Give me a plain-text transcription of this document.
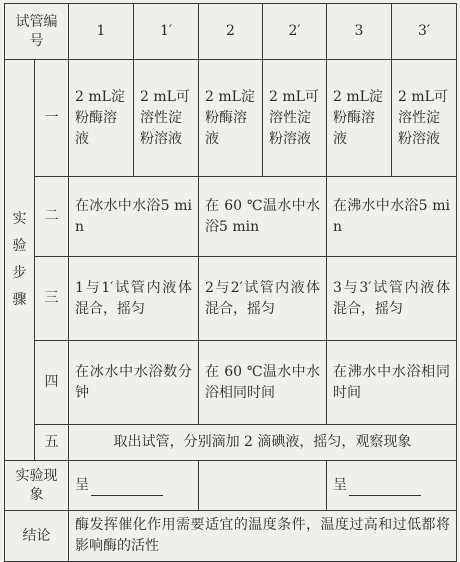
试管编号		1	1′	2	2′	3	3′

实
验
步
骤	一	2 mL淀粉酶溶液	2 mL可溶性淀粉溶液	2 mL淀粉酶溶液	2 mL可溶性淀粉溶液	2 mL淀粉酶溶液	2 mL可溶性淀粉溶液
	二	在冰水中水浴5 min		在 60 ℃温水中水浴5 min		在沸水中水浴5 min	
	三	1与1′试管内液体混合，摇匀		2与2′试管内液体混合，摇匀		3与3′试管内液体混合，摇匀	
	四	在冰水中水浴数分钟		在 60 ℃温水中水浴相同时间		在沸水中水浴相同时间	
	五	取出试管，分别滴加 2 滴碘液，摇匀，观察现象					
实验现象		呈				呈	
结论		酶发挥催化作用需要适宜的温度条件，温度过高和过低都将影响酶的活性					
